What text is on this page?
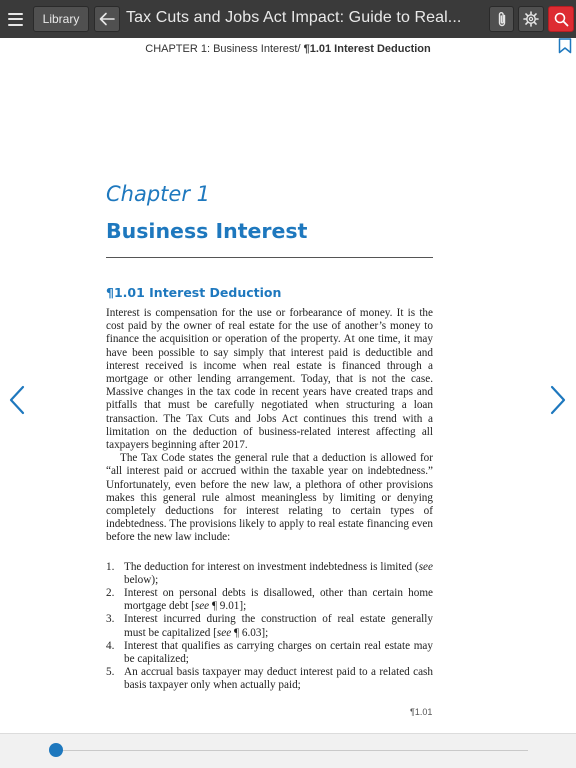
Library	Tax Cuts and Jobs Act Impact: Guide to Real...
CHAPTER 1: Business Interest/ ¶1.01 Interest Deduction
Chapter 1
Business Interest
¶1.01 Interest Deduction

Interest is compensation for the use or forbearance of money. It is the cost paid by the owner of real estate for the use of another’s money to finance the acquisition or operation of the property. At one time, it may have been possible to say simply that interest paid is deductible and interest received is income when real estate is financed through a mortgage or other lending arrangement. Today, that is not the case. Massive changes in the tax code in recent years have created traps and pitfalls that must be carefully negotiated when structuring a loan transaction. The Tax Cuts and Jobs Act continues this trend with a limitation on the deduction of business-related interest affecting all taxpayers beginning after 2017.

The Tax Code states the general rule that a deduction is allowed for “all interest paid or accrued within the taxable year on indebtedness.” Unfortunately, even before the new law, a plethora of other provisions makes this general rule almost meaningless by limiting or denying completely deductions for interest relating to certain types of indebtedness. The provisions likely to apply to real estate financing even before the new law include:

1. The deduction for interest on investment indebtedness is limited (see below);
2. Interest on personal debts is disallowed, other than certain home mortgage debt [see ¶ 9.01];
3. Interest incurred during the construction of real estate generally must be capitalized [see ¶ 6.03];
4. Interest that qualifies as carrying charges on certain real estate may be capitalized;
5. An accrual basis taxpayer may deduct interest paid to a related cash basis taxpayer only when actually paid;
¶1.01
